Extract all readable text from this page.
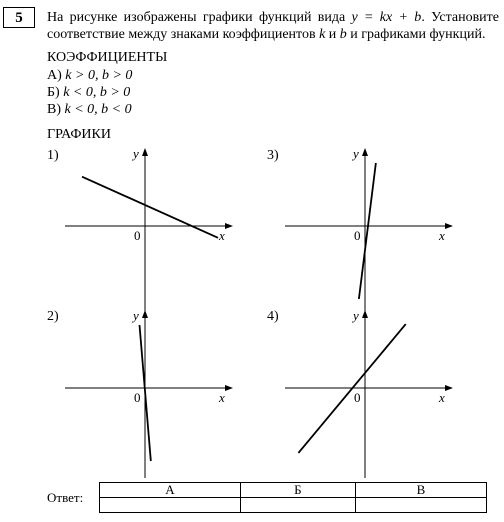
5	На рисунке изображены графики функций вида y = kx + b. Установите соответствие между знаками коэффициентов k и b и графиками функций.
КОЭФФИЦИЕНТЫ
А) k > 0, b > 0
Б) k < 0, b > 0
В) k < 0, b < 0
ГРАФИКИ
1)
2)
3)
4)
x
y
0
x
y
0
x
y
0
x
y
0
Ответ:
А	Б	В
